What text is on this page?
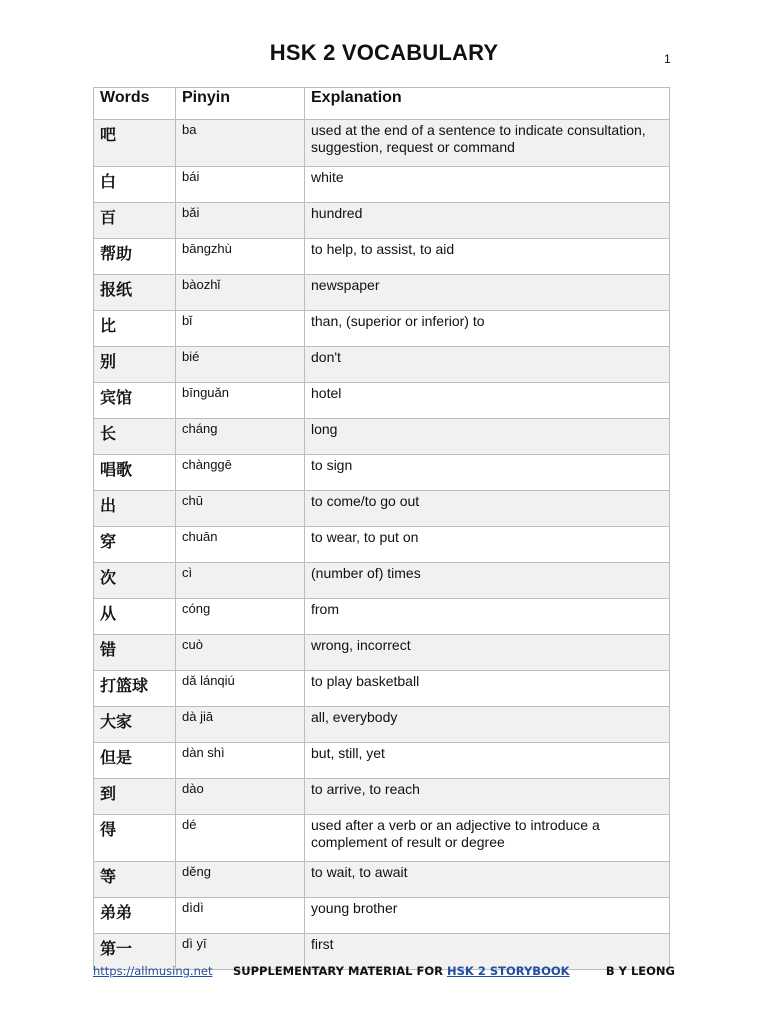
HSK 2 VOCABULARY	1
Words	Pinyin	Explanation
吧	ba	used at the end of a sentence to indicate consultation, suggestion, request or command
白	bái	white
百	bǎi	hundred
帮助	bāngzhù	to help, to assist, to aid
报纸	bàozhǐ	newspaper
比	bǐ	than, (superior or inferior) to
别	bié	don't
宾馆	bīnguǎn	hotel
长	cháng	long
唱歌	chànggē	to sign
出	chū	to come/to go out
穿	chuān	to wear, to put on
次	cì	(number of) times
从	cóng	from
错	cuò	wrong, incorrect
打篮球	dǎ lánqiú	to play basketball
大家	dà jiā	all, everybody
但是	dàn shì	but, still, yet
到	dào	to arrive, to reach
得	dé	used after a verb or an adjective to introduce a complement of result or degree
等	děng	to wait, to await
弟弟	dìdì	young brother
第一	dì yī	first
https://allmusing.net SUPPLEMENTARY MATERIAL FOR HSK 2 STORYBOOK	B Y LEONG
